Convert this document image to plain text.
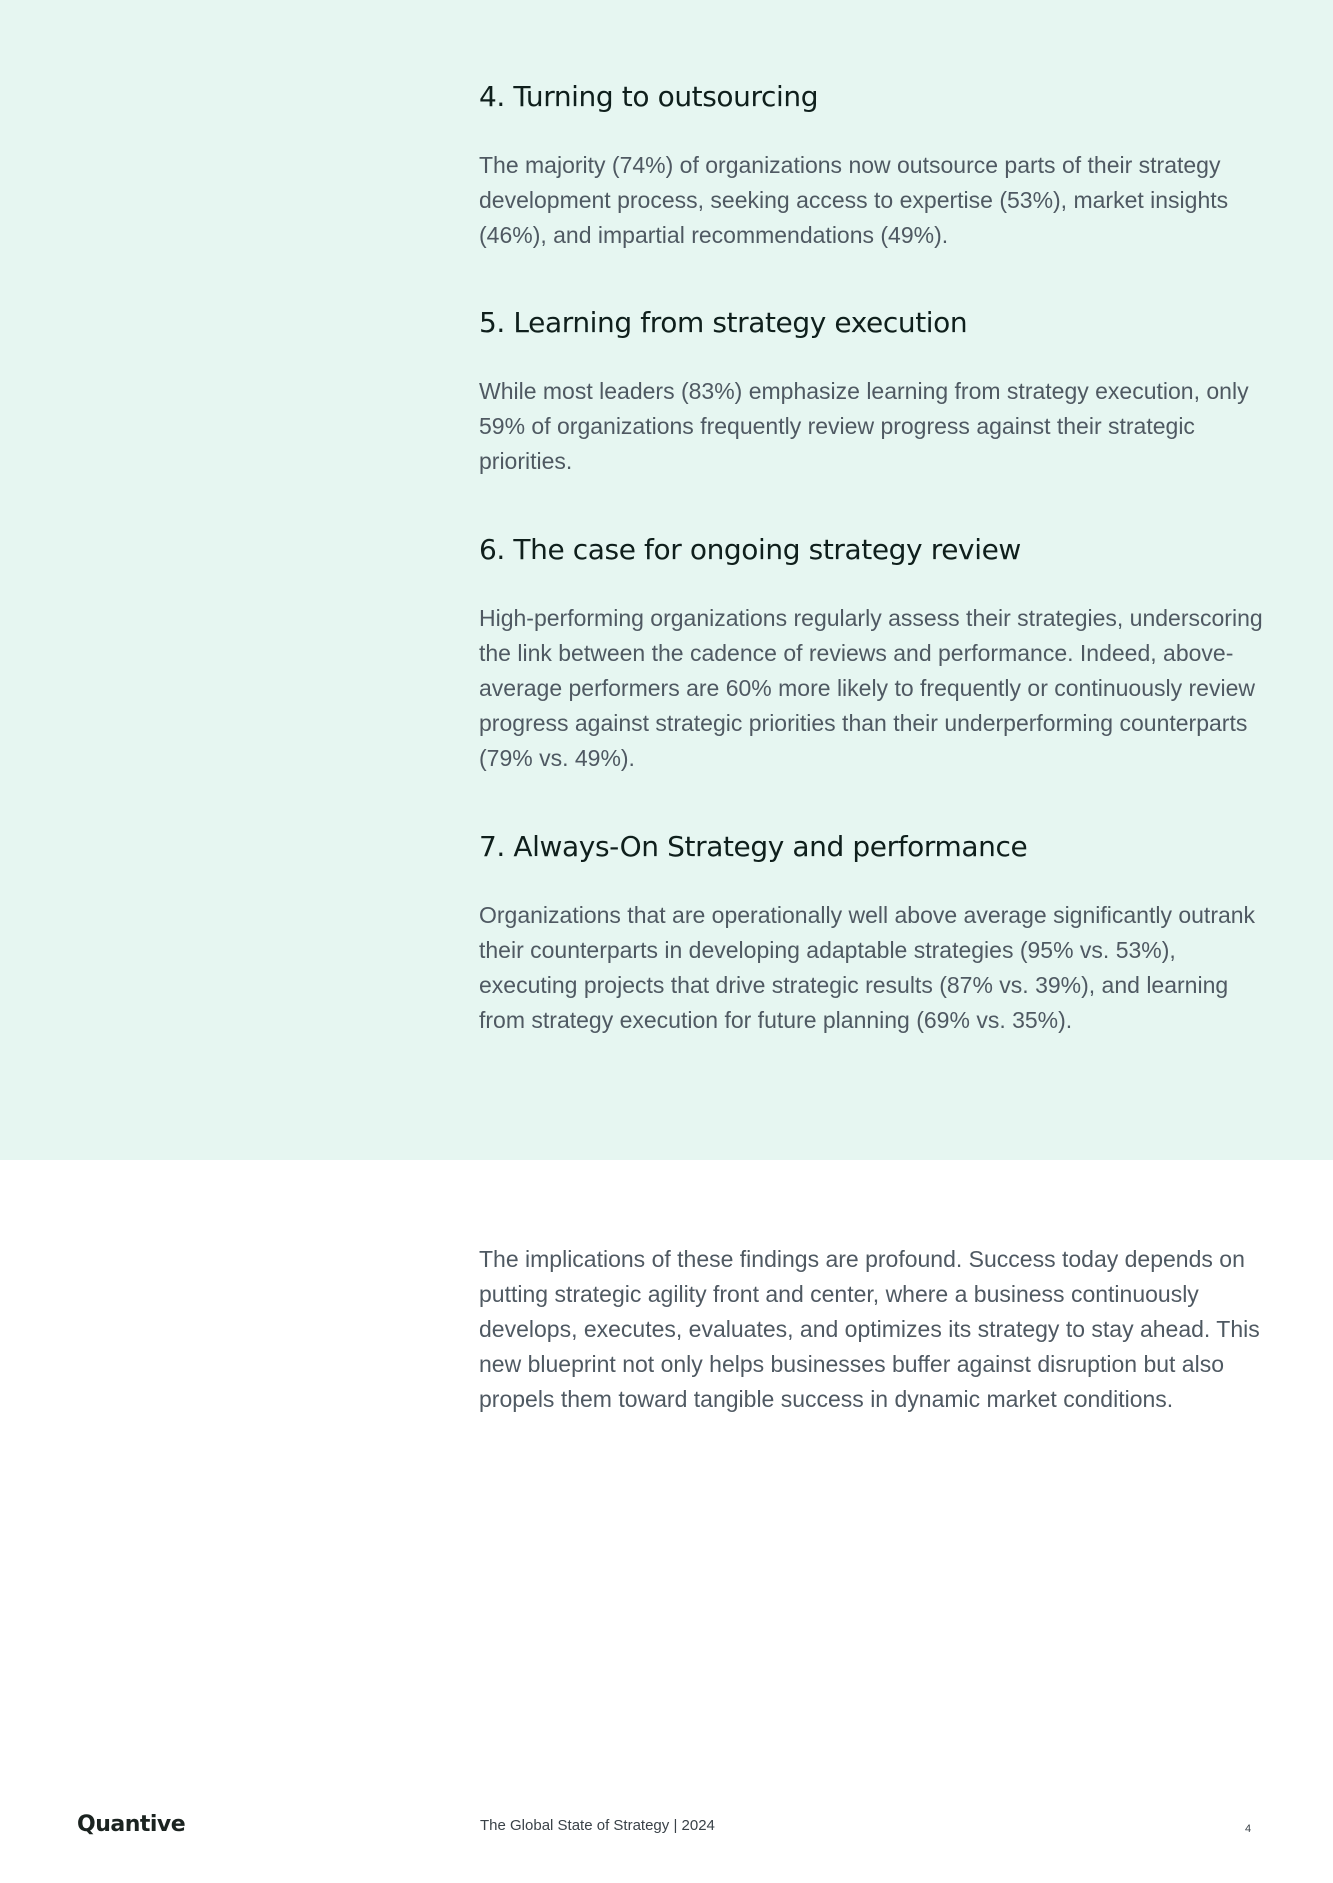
4. Turning to outsourcing

The majority (74%) of organizations now outsource parts of their strategy development process, seeking access to expertise (53%), market insights (46%), and impartial recommendations (49%).

5. Learning from strategy execution

While most leaders (83%) emphasize learning from strategy execution, only 59% of organizations frequently review progress against their strategic priorities.

6. The case for ongoing strategy review

High-performing organizations regularly assess their strategies, underscoring the link between the cadence of reviews and performance. Indeed, above-average performers are 60% more likely to frequently or continuously review progress against strategic priorities than their underperforming counterparts (79% vs. 49%).

7. Always-On Strategy and performance

Organizations that are operationally well above average significantly outrank their counterparts in developing adaptable strategies (95% vs. 53%), executing projects that drive strategic results (87% vs. 39%), and learning from strategy execution for future planning (69% vs. 35%).

The implications of these findings are profound. Success today depends on putting strategic agility front and center, where a business continuously develops, executes, evaluates, and optimizes its strategy to stay ahead. This new blueprint not only helps businesses buffer against disruption but also propels them toward tangible success in dynamic market conditions.

Quantive	The Global State of Strategy | 2024	4
